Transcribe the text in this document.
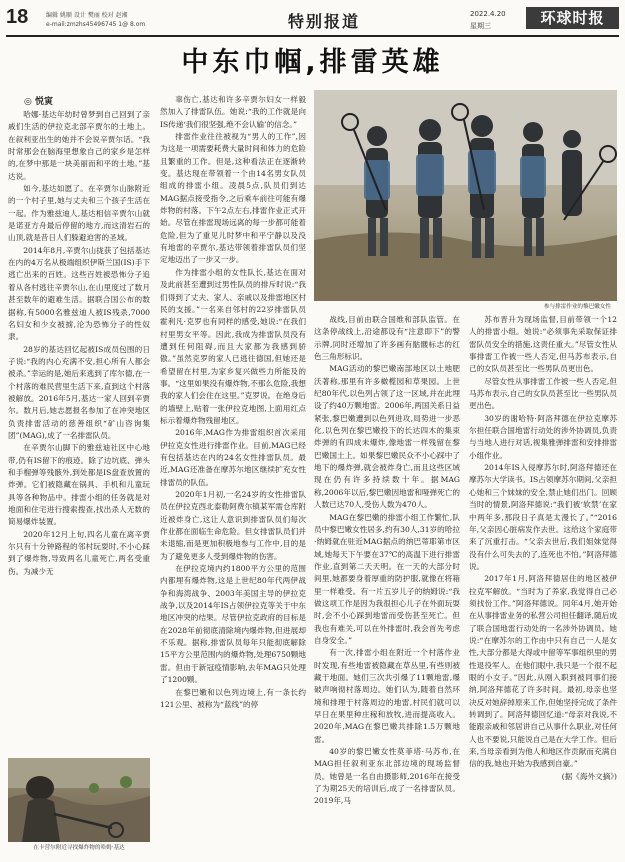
18	编辑 姚顺 设计 樊丽 校对 赵湘
e-mail:zmzhs45496745 1@ 8.om	特别报道	2022.4.20
星期三	环球时报
中东巾帼,排雷英雄
◎ 悦寅

哈娜·基达年幼时曾梦到自己回到了亲戚们生活的伊拉克北部辛贾尔的土地上。在叙利亚出生的她并不会说辛贾尔话。“我时常那会在脑海里想象自己的家乡是怎样的,在梦中那是一块美丽而和平的土地。”基达说。

如今,基达如愿了。在辛贾尔山脉附近的一个村子里,她与丈夫和三个孩子生活在一起。作为雅兹迪人,基达相信辛贾尔山就是诺亚方舟最后停留的地方,而这清岩石的山顶,就是昔日人们躲避迫害的圣域。

2014年8月,辛贾尔山拢获了包括基达在内的4万名从极端组织伊斯兰国(IS)手下逃亡出来的百姓。这些百姓被恐怖分子追着从各村逃往辛贾尔山,在山里度过了数月甚至数年的避难生活。据联合国公布的数据称,有5000名雅兹迪人被IS残杀,7000名妇女和少女被掳,沦为恐怖分子的性奴隶。

28岁的基达回忆起被IS成员包围的日子说:“我的内心充满不安,担心所有人都会被杀。”幸运的是,她后来逃到了库尔德,在一个村落的难民营里生活下来,直到这个村落被解放。2016年5月,基达一家人回到辛贾尔。数月后,她志愿报名参加了在冲突地区负责排雷活动的慈善组织“矿山咨询集团”(MAG),成了一名排雷队员。

在辛贾尔山脚下的雅兹迪社区中心地带,仍有IS留下的痕迹。除了边坑底、弹头和手榴弹等残骸外,到处都是IS盘查放置的炸弹。它们被隐藏在锅具、手机和儿童玩具等各种物品中。排雷小组的任务就是对地面和住宅进行搜索搜查,找出杀人无数的简易爆炸装置。

2020年12月上旬,四名儿童在离辛贾尔只有十分钟路程的邻村玩耍时,不小心踩到了爆炸物,导致两名儿童死亡,两名受重伤。为减少无

在卡营尔附近寻找爆炸物的哈姆·基达

辜伤亡,基达和许多辛贾尔妇女一样毅然加入了排雷队伍。她说:“我的工作就是向IS传递‘我们很坚强,绝不会认输’的信念。”

排雷作业往往被视为“男人的工作”,因为这是一项需要耗费大量时间和体力的危险且繁重的工作。但是,这种看法正在逐渐转变。基达现在带领着一个由14名男女队员组成的排雷小组。凌晨5点,队员们到达MAG据点接受指令,之后乘车前往可能有爆炸物的村落。下午2点左右,排雷作业正式开始。尽管在排雷现场远离的每一步都可能着危险,但为了重见儿时梦中和平宁静以及没有地雷的辛贾尔,基达带领着排雷队员们坚定地迈出了一步又一步。

作为排雷小组的女性队长,基达在面对及此前甚至遭到过男性队员的排斥时说:“我们得到了丈夫、家人、亲戚以及排雷地区村民的支援。”一名来自邻村的22岁排雷队员霍利凡·克罗也有同样的感受,她说:“在我们村里男女平等。因此,我成为排雷队员没有遭到任何阻碍,而且大家都为我感到骄傲。”虽然克罗的家人已逃往德国,但她还是希望留在村里,为家乡复兴做些力所能及的事。“这里如果没有爆炸物,不那么危险,我想我的家人们会住在这里。”克罗说。在绝身后的墙壁上,贴着一张伊拉克地图,上面用红点标示着爆炸物残留地区。

2016年,MAG作为排雷组织首次采用伊拉克女性进行排雷作业。目前,MAG已经有包括基达在内的24名女性排雷队员。最近,MAG还准备在摩苏尔地区继续扩充女性排雷员的队伍。

2020年1月初,一名24岁的女性排雷队员在伊拉克西北泰勒阿费尔镇某军需仓库附近被炸身亡,这让人意识到排雷队员们每次作业都在面临生命危险。但女排雷队员们并未退缩,而是更加积极地参与工作中,目的是为了避免更多人受到爆炸物的伤害。

在伊拉克境内约1800平方公里的范围内都埋有爆炸物,这是上世纪80年代两伊战争和海湾战争、2003年美国主导的伊拉克战争,以及2014年IS占领伊拉克等关于中东地区冲突的结果。尽管伊拉克政府的目标是在2028年前彻底清除境内爆炸物,但进展却不乐观。据称,排雷队员每年只能彻底解除15平方公里范围内的爆炸物,处理6750颗地雷。但由于新冠疫情影响,去年MAG只处理了1200颗。

在黎巴嫩和以色列边境上,有一条长约121公里、被称为“蓝线”的停

参与排雷作业的黎巴嫩女性

战线,目前由联合国维和部队监管。在这条停战线上,沿途都设有“注意即下”的警示牌,同时还增加了许多画有骷髅标志的红色三角形标识。

MAG活动的黎巴嫩南部地区以土地肥沃著称,那里有许多橄榄园和草果园。上世纪80年代,以色列占领了这一区域,并在此埋设了约40万颗地雷。2006年,两国关系日益紧张,黎巴嫩遭到以色列进攻,局势进一步恶化,以色列在黎巴嫩投下的长达四木的集束炸弹的有四成未爆炸,像地雷一样残留在黎巴嫩国土上。如果黎巴嫩民众不小心踩中了地下的爆炸弹,就会被炸身亡,而且这些区域现在仍有许多持续数十年。据MAG称,2006年以后,黎巴嫩因地雷和哑弹死亡的人数已达70人,受伤人数为470人。

MAG在黎巴嫩的排雷小组工作繁忙,队员中黎巴嫩女性居多,约有30人,31岁的哈拉·纳姆就在驻近MAG据点的纳巴蒂耶第市区域,她每天下午要在37℃的高温下进行排雷作业,直到第二天天明。在一天的大部分时间里,她都要身着厚重的防护服,就像在将箱里一样难受。有一片五岁儿子的纳姆说:“我做这项工作是因为我很担心儿子在外面玩耍时,会不小心踩到地雷而受伤甚至死亡。但我也有难关,可以在外排雷时,我会首先考虑自身安全。”

有一次,排雷小组在附近一个村落作业时发现,有些地雷被隐藏在草丛里,有些则被藏于地面。她们三次共引爆了11颗地雷,爆破声响彻村落周边。她们认为,随着自然环境和排理于村落周边的地雷,村民们就可以早日在果里种庄稼和放牧,进而提高收入。2020年,MAG在黎巴嫩共排除1.5万颗地雷。

40岁的黎巴嫩女性莫菲塔·马苏布,在MAG担任叙利亚东北部边境的现场监督员。她曾是一名自由摄影师,2016年在接受了为期25天的培训后,成了一名排雷队员。2019年,马

苏布晋升为现场监督,目前带领一个12人的排雷小组。她说:“必须事先采取保证排雷队员安全的措施,这责任重大。”尽管女性从事排雷工作被一些人否定,但马苏布表示,自己的女队员甚至比一些男队员更出色。

尽管女性从事排雷工作被一些人否定,但马苏布表示,自己的女队员甚至比一些男队员更出色。

30岁的谢哈特·阿洛拜德在伊拉克摩苏尔担任联合国地雷行动处的涉外协调员,负责与当地人进行对话,视集雅弹排雷和安排排雷小组作业。

2014年IS入侵摩苏尔时,阿洛拜德还在摩苏尔大学读书。IS占领摩苏尔期间,父亲担心她和三个妹妹的安全,禁止她们出门。回顾当时的情景,阿洛拜德说:“我们被‘软禁’在家中两年多,那段日子真是太漫长了。”“2016年,父亲因心脏病发作去世。这给这个家庭带来了沉重打击。“父亲去世后,我们姐妹觉得没有什么可失去的了,连死也不怕。”阿洛拜德说。

2017年1月,阿洛拜德居住的地区被伊拉克军解放。“当时为了养家,我觉得自己必须找份工作。”阿洛拜德说。同年4月,她开始在从事排雷业务的私营公司担任翻译,随后成了联合国地雷行动处的一名涉外协调员。她说:“在摩苏尔的工作由中只有自己一人是女性,大部分都是大得或中留等军事组织里的男性退役军人。在他们眼中,我只是一个很不起眼的小女子。”因此,从刚入职到被同事们接纳,阿洛拜德花了许多时间。最初,母亲也坚决反对她辞掉原来工作,但她坚持完成了条件转调到了。阿洛拜德回忆道:“母亲对我说,不能跟亲戚和邻居讲自己从事什么职业,对任何人也不要说,只能说自己是在大学工作。但后来,当母亲看到为他人和地区作贡献而充满自信的我,她也开始为我感到自豪。”

(据《海外文摘》)
